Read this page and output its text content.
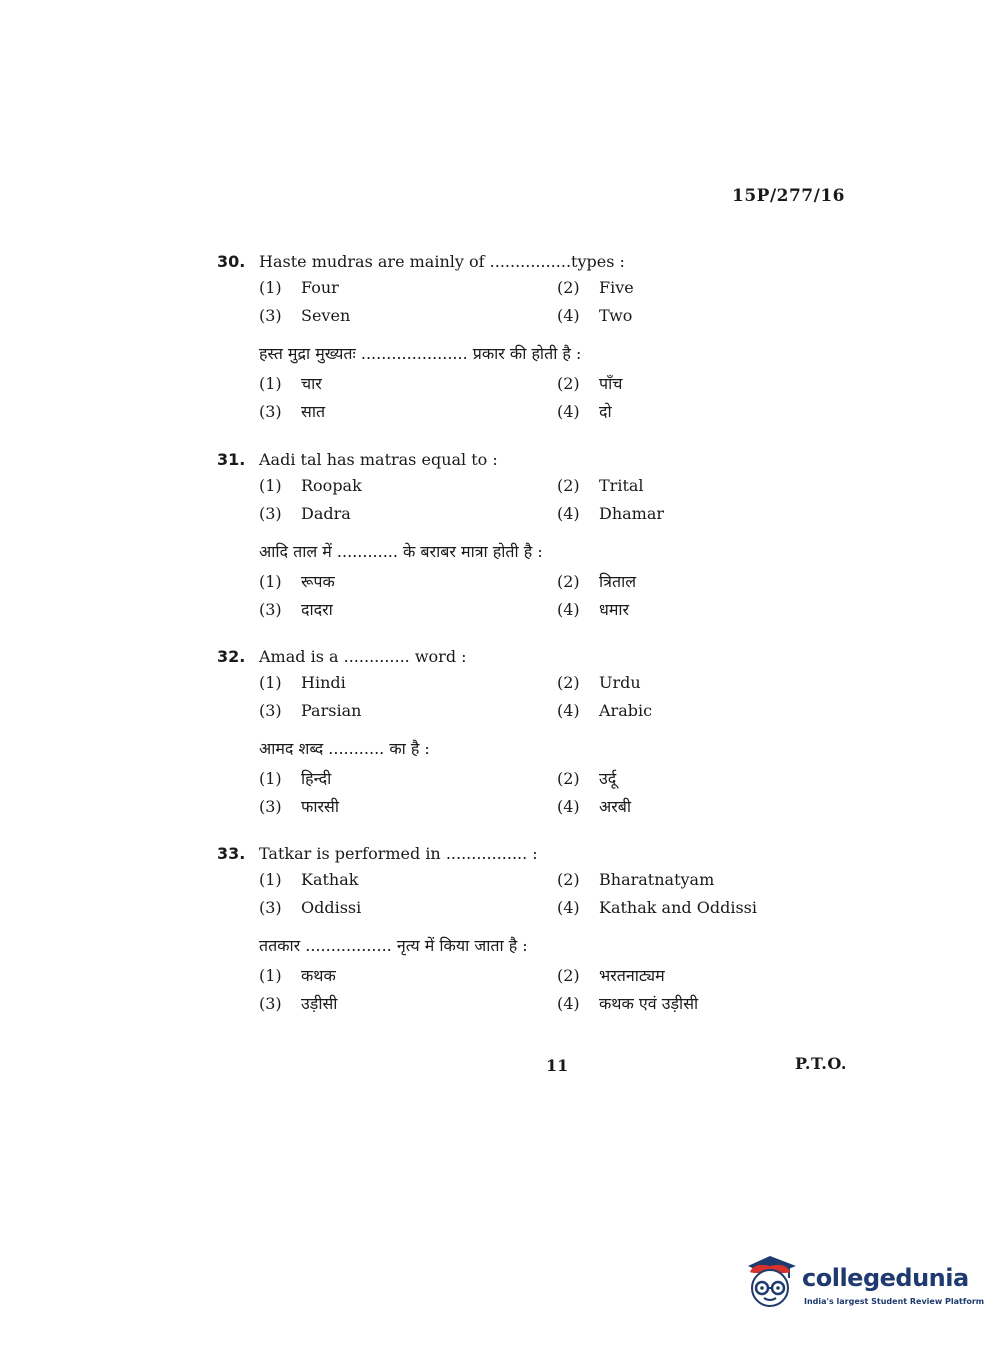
15P/277/16
30. Haste mudras are mainly of ................types :
(1) Four	(2) Five
(3) Seven	(4) Two
हस्त मुद्रा मुख्यतः ..................... प्रकार की होती है :
(1) चार	(2) पाँच
(3) सात	(4) दो
31. Aadi tal has matras equal to :
(1) Roopak	(2) Trital
(3) Dadra	(4) Dhamar
आदि ताल में ............ के बराबर मात्रा होती है :
(1) रूपक	(2) त्रिताल
(3) दादरा	(4) धमार
32. Amad is a ............. word :
(1) Hindi	(2) Urdu
(3) Parsian	(4) Arabic
आमद शब्द ........... का है :
(1) हिन्दी	(2) उर्दू
(3) फारसी	(4) अरबी
33. Tatkar is performed in ................ :
(1) Kathak	(2) Bharatnatyam
(3) Oddissi	(4) Kathak and Oddissi
ततकार ................. नृत्य में किया जाता है :
(1) कथक	(2) भरतनाट्यम
(3) उड़ीसी	(4) कथक एवं उड़ीसी
11	P.T.O.
collegedunia
India's largest Student Review Platform
